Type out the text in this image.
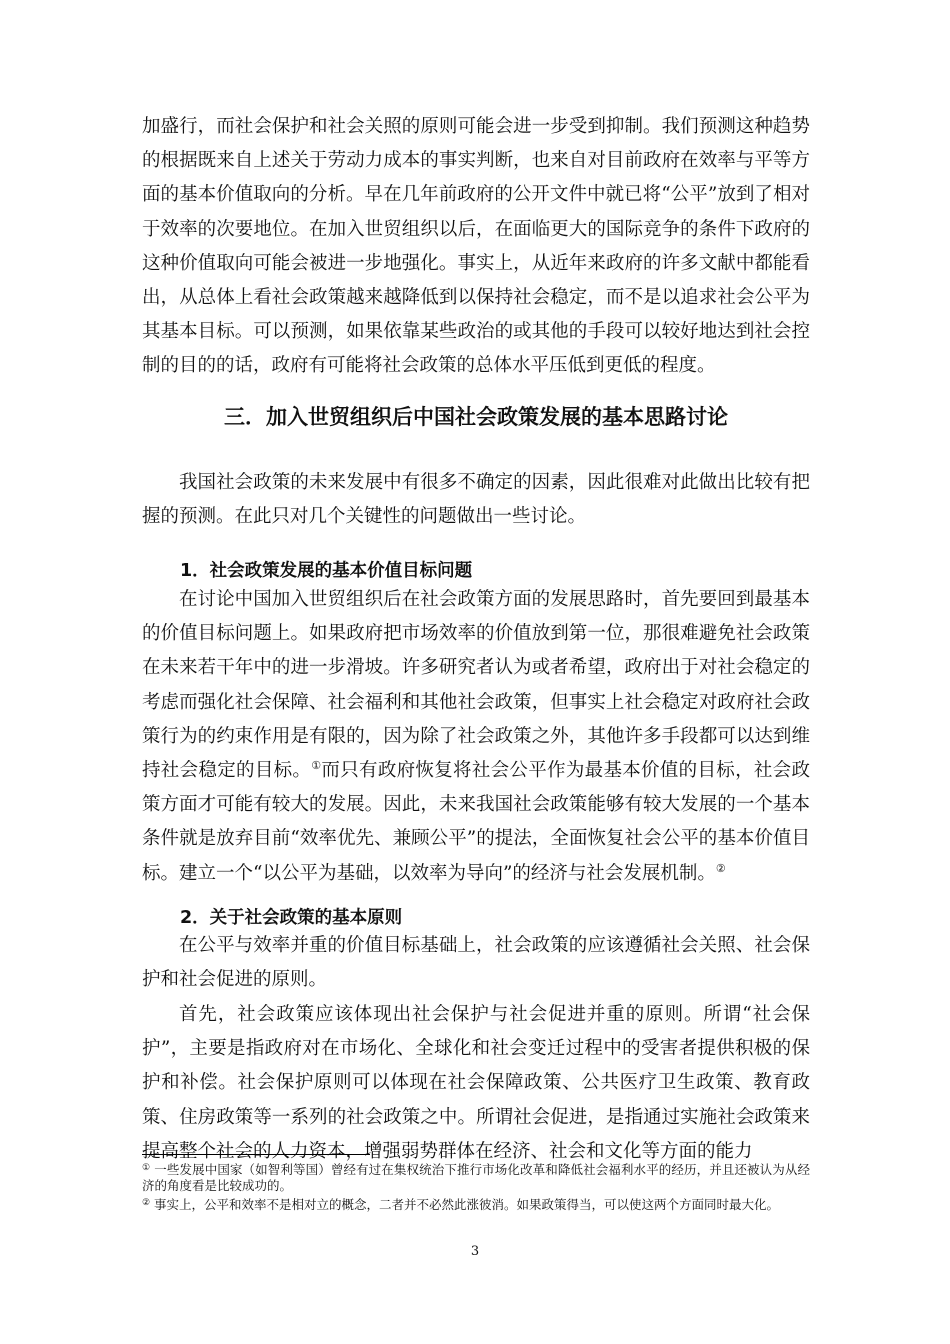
加盛行，而社会保护和社会关照的原则可能会进一步受到抑制。我们预测这种趋势的根据既来自上述关于劳动力成本的事实判断，也来自对目前政府在效率与平等方面的基本价值取向的分析。早在几年前政府的公开文件中就已将“公平”放到了相对于效率的次要地位。在加入世贸组织以后，在面临更大的国际竞争的条件下政府的这种价值取向可能会被进一步地强化。事实上，从近年来政府的许多文献中都能看出，从总体上看社会政策越来越降低到以保持社会稳定，而不是以追求社会公平为其基本目标。可以预测，如果依靠某些政治的或其他的手段可以较好地达到社会控制的目的的话，政府有可能将社会政策的总体水平压低到更低的程度。

三．加入世贸组织后中国社会政策发展的基本思路讨论

我国社会政策的未来发展中有很多不确定的因素，因此很难对此做出比较有把握的预测。在此只对几个关键性的问题做出一些讨论。

1．社会政策发展的基本价值目标问题

在讨论中国加入世贸组织后在社会政策方面的发展思路时，首先要回到最基本的价值目标问题上。如果政府把市场效率的价值放到第一位，那很难避免社会政策在未来若干年中的进一步滑坡。许多研究者认为或者希望，政府出于对社会稳定的考虑而强化社会保障、社会福利和其他社会政策，但事实上社会稳定对政府社会政策行为的约束作用是有限的，因为除了社会政策之外，其他许多手段都可以达到维持社会稳定的目标。①而只有政府恢复将社会公平作为最基本价值的目标，社会政策方面才可能有较大的发展。因此，未来我国社会政策能够有较大发展的一个基本条件就是放弃目前“效率优先、兼顾公平”的提法，全面恢复社会公平的基本价值目标。建立一个“以公平为基础，以效率为导向”的经济与社会发展机制。②

2．关于社会政策的基本原则

在公平与效率并重的价值目标基础上，社会政策的应该遵循社会关照、社会保护和社会促进的原则。

首先，社会政策应该体现出社会保护与社会促进并重的原则。所谓“社会保护”，主要是指政府对在市场化、全球化和社会变迁过程中的受害者提供积极的保护和补偿。社会保护原则可以体现在社会保障政策、公共医疗卫生政策、教育政策、住房政策等一系列的社会政策之中。所谓社会促进，是指通过实施社会政策来提高整个社会的人力资本，增强弱势群体在经济、社会和文化等方面的能力

① 一些发展中国家（如智利等国）曾经有过在集权统治下推行市场化改革和降低社会福利水平的经历，并且还被认为从经济的角度看是比较成功的。

② 事实上，公平和效率不是相对立的概念，二者并不必然此涨彼消。如果政策得当，可以使这两个方面同时最大化。

3
